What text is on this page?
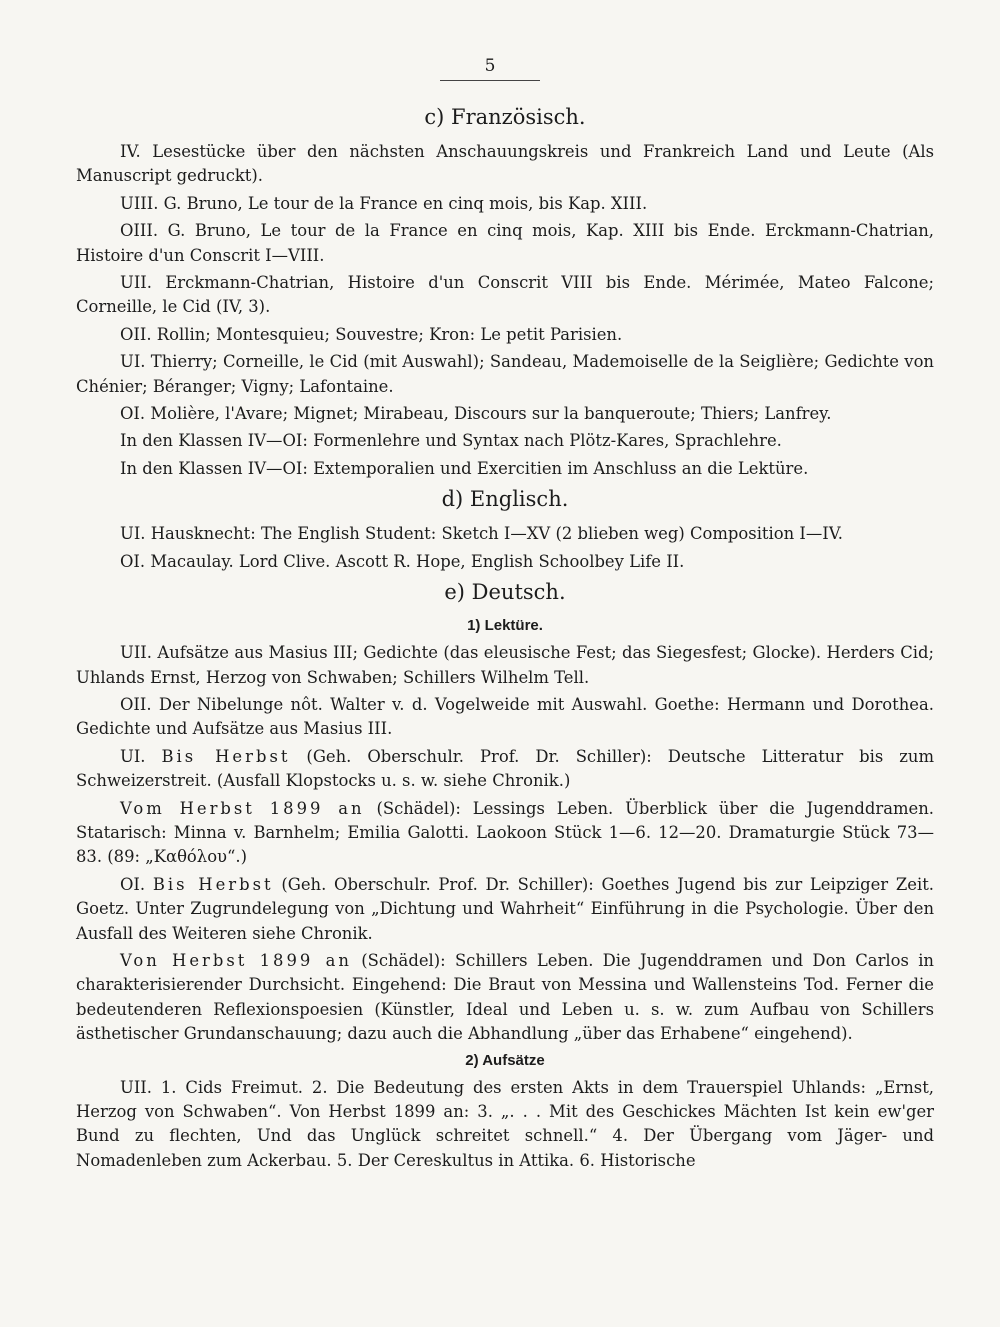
5
c) Französisch.

IV. Lesestücke über den nächsten Anschauungskreis und Frankreich Land und Leute (Als Manuscript gedruckt).

UIII. G. Bruno, Le tour de la France en cinq mois, bis Kap. XIII.

OIII. G. Bruno, Le tour de la France en cinq mois, Kap. XIII bis Ende. Erckmann-Chatrian, Histoire d'un Conscrit I—VIII.

UII. Erckmann-Chatrian, Histoire d'un Conscrit VIII bis Ende. Mérimée, Mateo Falcone; Corneille, le Cid (IV, 3).

OII. Rollin; Montesquieu; Souvestre; Kron: Le petit Parisien.

UI. Thierry; Corneille, le Cid (mit Auswahl); Sandeau, Mademoiselle de la Seiglière; Gedichte von Chénier; Béranger; Vigny; Lafontaine.

OI. Molière, l'Avare; Mignet; Mirabeau, Discours sur la banqueroute; Thiers; Lanfrey.

In den Klassen IV—OI: Formenlehre und Syntax nach Plötz-Kares, Sprachlehre.

In den Klassen IV—OI: Extemporalien und Exercitien im Anschluss an die Lektüre.

d) Englisch.

UI. Hausknecht: The English Student: Sketch I—XV (2 blieben weg) Composition I—IV.

OI. Macaulay. Lord Clive. Ascott R. Hope, English Schoolbey Life II.

e) Deutsch.
1) Lektüre.

UII. Aufsätze aus Masius III; Gedichte (das eleusische Fest; das Siegesfest; Glocke). Herders Cid; Uhlands Ernst, Herzog von Schwaben; Schillers Wilhelm Tell.

OII. Der Nibelunge nôt. Walter v. d. Vogelweide mit Auswahl. Goethe: Hermann und Dorothea. Gedichte und Aufsätze aus Masius III.

UI. Bis Herbst (Geh. Oberschulr. Prof. Dr. Schiller): Deutsche Litteratur bis zum Schweizerstreit. (Ausfall Klopstocks u. s. w. siehe Chronik.)

Vom Herbst 1899 an (Schädel): Lessings Leben. Überblick über die Jugenddramen. Statarisch: Minna v. Barnhelm; Emilia Galotti. Laokoon Stück 1—6. 12—20. Dramaturgie Stück 73—83. (89: „Καθόλου“.)

OI. Bis Herbst (Geh. Oberschulr. Prof. Dr. Schiller): Goethes Jugend bis zur Leipziger Zeit. Goetz. Unter Zugrundelegung von „Dichtung und Wahrheit“ Einführung in die Psychologie. Über den Ausfall des Weiteren siehe Chronik.

Von Herbst 1899 an (Schädel): Schillers Leben. Die Jugenddramen und Don Carlos in charakterisierender Durchsicht. Eingehend: Die Braut von Messina und Wallensteins Tod. Ferner die bedeutenderen Reflexionspoesien (Künstler, Ideal und Leben u. s. w. zum Aufbau von Schillers ästhetischer Grundanschauung; dazu auch die Abhandlung „über das Erhabene“ eingehend).

2) Aufsätze

UII. 1. Cids Freimut. 2. Die Bedeutung des ersten Akts in dem Trauerspiel Uhlands: „Ernst, Herzog von Schwaben“. Von Herbst 1899 an: 3. „. . . Mit des Geschickes Mächten Ist kein ew'ger Bund zu flechten, Und das Unglück schreitet schnell.“ 4. Der Übergang vom Jäger- und Nomadenleben zum Ackerbau. 5. Der Cereskultus in Attika. 6. Historische
